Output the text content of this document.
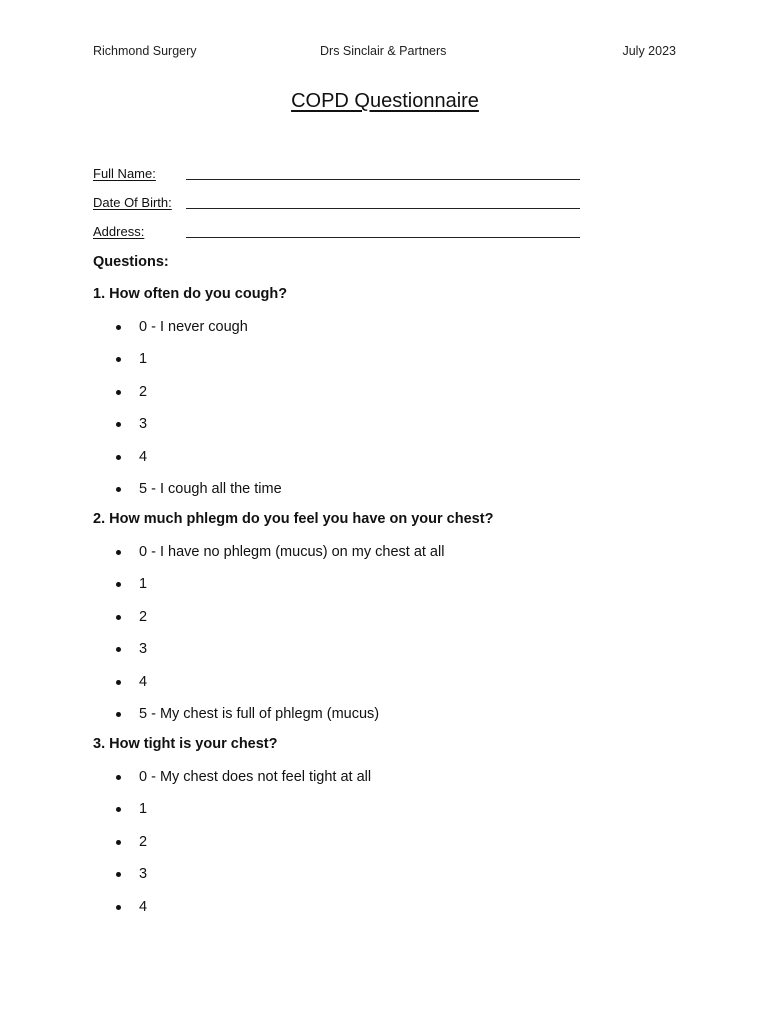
Richmond Surgery	Drs Sinclair & Partners	July 2023
COPD Questionnaire
Full Name:
Date Of Birth:
Address:
Questions:
1. How often do you cough?
0 - I never cough
1
2
3
4
5 - I cough all the time
2. How much phlegm do you feel you have on your chest?
0 - I have no phlegm (mucus) on my chest at all
1
2
3
4
5 - My chest is full of phlegm (mucus)
3. How tight is your chest?
0 - My chest does not feel tight at all
1
2
3
4
